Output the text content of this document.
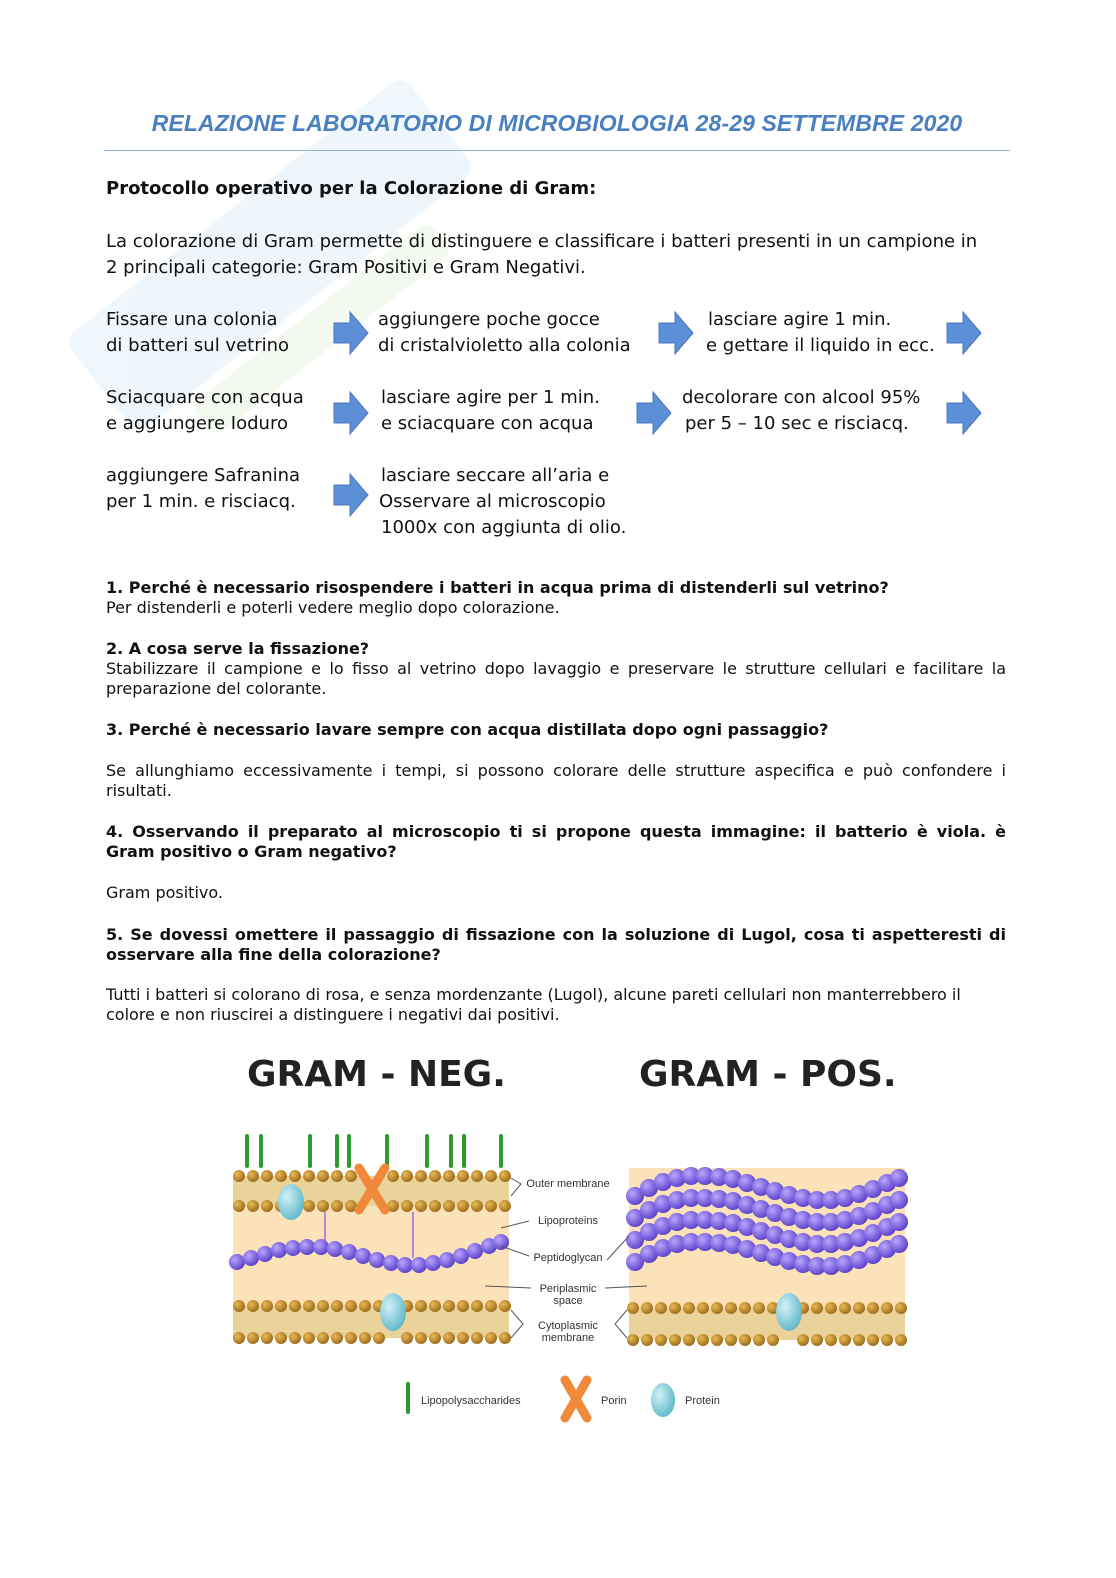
RELAZIONE LABORATORIO DI MICROBIOLOGIA 28-29 SETTEMBRE 2020
Protocollo operativo per la Colorazione di Gram:
La colorazione di Gram permette di distinguere e classificare i batteri presenti in un campione in
2 principali categorie: Gram Positivi e Gram Negativi.
Fissare una colonia
di batteri sul vetrino
aggiungere poche gocce
di cristalvioletto alla colonia
lasciare agire 1 min.
e gettare il liquido in ecc.
Sciacquare con acqua
e aggiungere Ioduro
lasciare agire per 1 min.
e sciacquare con acqua
decolorare con alcool 95%
per 5 – 10 sec e risciacq.
aggiungere Safranina
per 1 min. e risciacq.
lasciare seccare all’aria e
Osservare al microscopio
1000x con aggiunta di olio.
1. Perché è necessario risospendere i batteri in acqua prima di distenderli sul vetrino?
Per distenderli e poterli vedere meglio dopo colorazione.
2. A cosa serve la fissazione?
Stabilizzare il campione e lo fisso al vetrino dopo lavaggio e preservare le strutture cellulari e facilitare la preparazione del colorante.
3. Perché è necessario lavare sempre con acqua distillata dopo ogni passaggio?
Se allunghiamo eccessivamente i tempi, si possono colorare delle strutture aspecifica e può confondere i risultati.
4. Osservando il preparato al microscopio ti si propone questa immagine: il batterio è viola. è Gram positivo o Gram negativo?
Gram positivo.
5. Se dovessi omettere il passaggio di fissazione con la soluzione di Lugol, cosa ti aspetteresti di osservare alla fine della colorazione?
Tutti i batteri si colorano di rosa, e senza mordenzante (Lugol), alcune pareti cellulari non manterrebbero il colore e non riuscirei a distinguere i negativi dai positivi.
GRAM - NEG.	GRAM - POS.
Outer membrane
Lipoproteins
Peptidoglycan
Periplasmic
space
Cytoplasmic
membrane
Lipopolysaccharides	Porin	Protein
